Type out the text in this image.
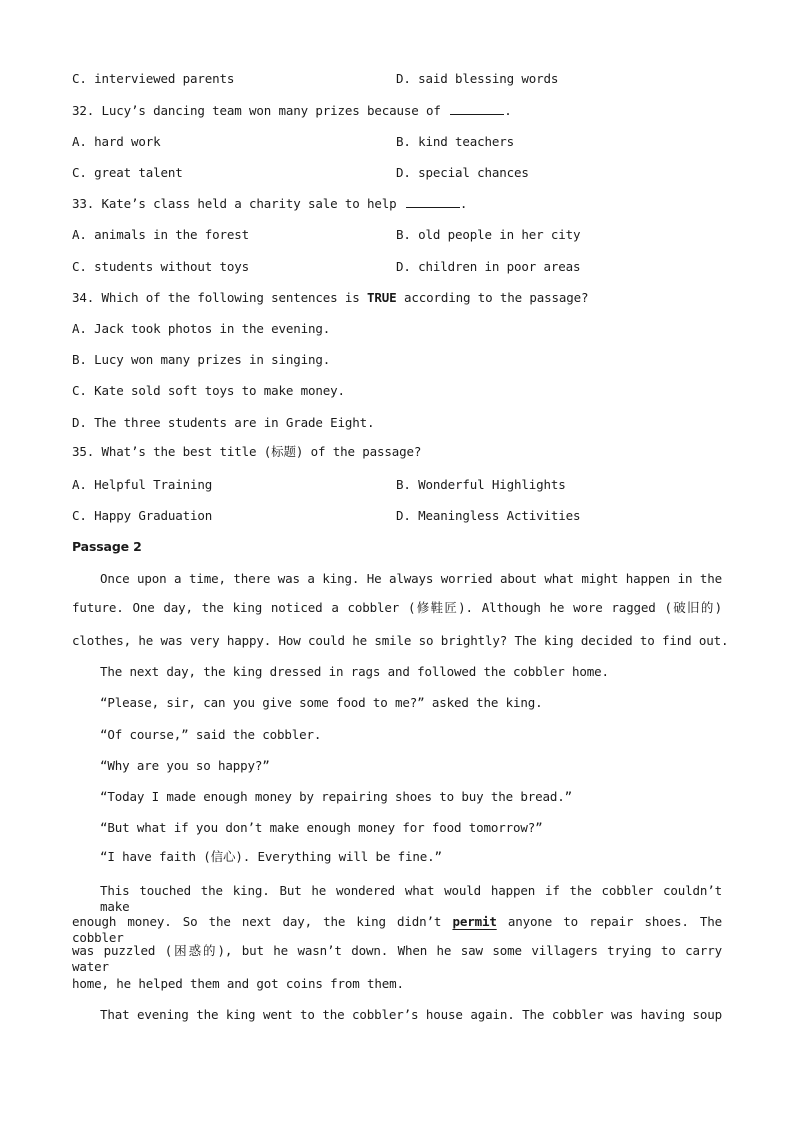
C. interviewed parents	D. said blessing words
32. Lucy’s dancing team won many prizes because of	.
A. hard work	B. kind teachers
C. great talent	D. special chances
33. Kate’s class held a charity sale to help	.
A. animals in the forest	B. old people in her city
C. students without toys	D. children in poor areas
34. Which of the following sentences is TRUE according to the passage?
A. Jack took photos in the evening.
B. Lucy won many prizes in singing.
C. Kate sold soft toys to make money.
D. The three students are in Grade Eight.
35. What’s the best title (标题) of the passage?
A. Helpful Training	B. Wonderful Highlights
C. Happy Graduation	D. Meaningless Activities
Passage 2
Once upon a time, there was a king. He always worried about what might happen in the
future. One day, the king noticed a cobbler (修鞋匠). Although he wore ragged (破旧的)
clothes, he was very happy. How could he smile so brightly? The king decided to find out.
The next day, the king dressed in rags and followed the cobbler home.
“Please, sir, can you give some food to me?” asked the king.
“Of course,” said the cobbler.
“Why are you so happy?”
“Today I made enough money by repairing shoes to buy the bread.”
“But what if you don’t make enough money for food tomorrow?”
“I have faith (信心). Everything will be fine.”
This touched the king. But he wondered what would happen if the cobbler couldn’t make
enough money. So the next day, the king didn’t permit anyone to repair shoes. The cobbler
was puzzled (困惑的), but he wasn’t down. When he saw some villagers trying to carry water
home, he helped them and got coins from them.
That evening the king went to the cobbler’s house again. The cobbler was having soup
